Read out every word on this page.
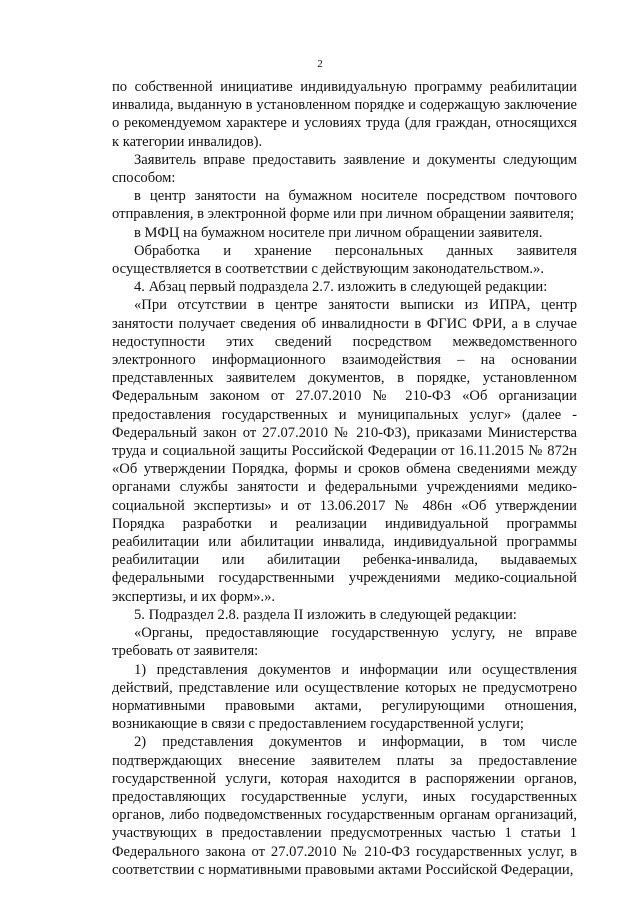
2

по собственной инициативе индивидуальную программу реабилитации инвалида, выданную в установленном порядке и содержащую заключение о рекомендуемом характере и условиях труда (для граждан, относящихся к категории инвалидов).

Заявитель вправе предоставить заявление и документы следующим способом:

в центр занятости на бумажном носителе посредством почтового отправления, в электронной форме или при личном обращении заявителя;

в МФЦ на бумажном носителе при личном обращении заявителя.

Обработка и хранение персональных данных заявителя осуществляется в соответствии с действующим законодательством.».

4. Абзац первый подраздела 2.7. изложить в следующей редакции:

«При отсутствии в центре занятости выписки из ИПРА, центр занятости получает сведения об инвалидности в ФГИС ФРИ, а в случае недоступности этих сведений посредством межведомственного электронного информационного взаимодействия – на основании представленных заявителем документов, в порядке, установленном Федеральным законом от 27.07.2010 № 210-ФЗ «Об организации предоставления государственных и муниципальных услуг» (далее - Федеральный закон от 27.07.2010 № 210-ФЗ), приказами Министерства труда и социальной защиты Российской Федерации от 16.11.2015 № 872н «Об утверждении Порядка, формы и сроков обмена сведениями между органами службы занятости и федеральными учреждениями медико-социальной экспертизы» и от 13.06.2017 № 486н «Об утверждении Порядка разработки и реализации индивидуальной программы реабилитации или абилитации инвалида, индивидуальной программы реабилитации или абилитации ребенка-инвалида, выдаваемых федеральными государственными учреждениями медико-социальной экспертизы, и их форм».».

5. Подраздел 2.8. раздела II изложить в следующей редакции:

«Органы, предоставляющие государственную услугу, не вправе требовать от заявителя:

1) представления документов и информации или осуществления действий, представление или осуществление которых не предусмотрено нормативными правовыми актами, регулирующими отношения, возникающие в связи с предоставлением государственной услуги;

2) представления документов и информации, в том числе подтверждающих внесение заявителем платы за предоставление государственной услуги, которая находится в распоряжении органов, предоставляющих государственные услуги, иных государственных органов, либо подведомственных государственным органам организаций, участвующих в предоставлении предусмотренных частью 1 статьи 1 Федерального закона от 27.07.2010 № 210-ФЗ государственных услуг, в соответствии с нормативными правовыми актами Российской Федерации,
